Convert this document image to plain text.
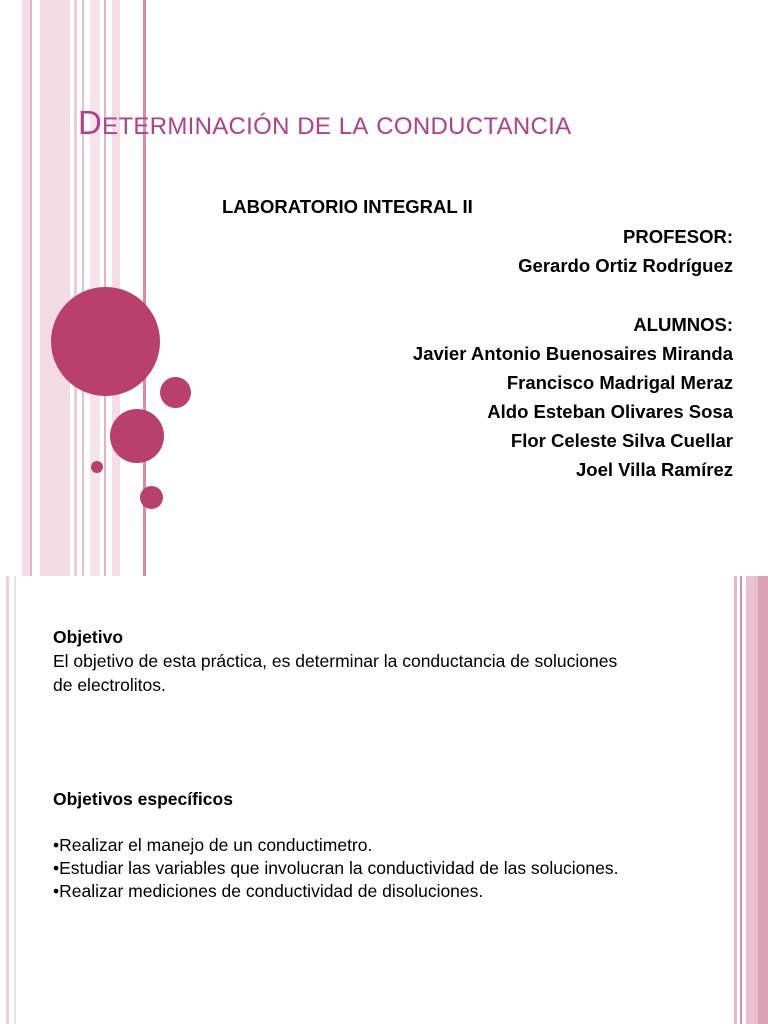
DETERMINACIÓN DE LA CONDUCTANCIA
LABORATORIO INTEGRAL II
PROFESOR:
Gerardo Ortiz Rodríguez
ALUMNOS:
Javier Antonio Buenosaires Miranda
Francisco Madrigal Meraz
Aldo Esteban Olivares Sosa
Flor Celeste Silva Cuellar
Joel Villa Ramírez
Objetivo
El objetivo de esta práctica, es determinar la conductancia de soluciones
de electrolitos.
Objetivos específicos
•Realizar el manejo de un conductimetro.
•Estudiar las variables que involucran la conductividad de las soluciones.
•Realizar mediciones de conductividad de disoluciones.
